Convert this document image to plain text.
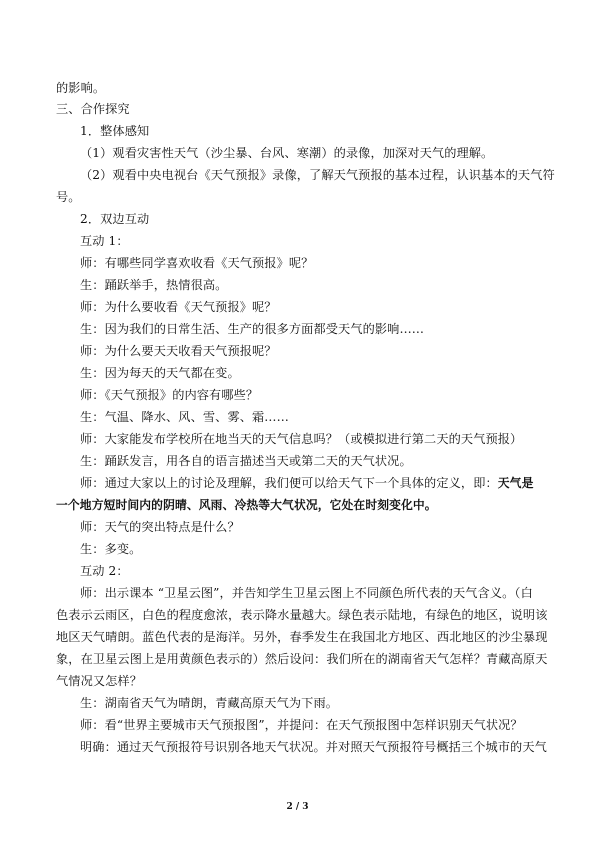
的影响。
三、合作探究
1．整体感知
（1）观看灾害性天气（沙尘暴、台风、寒潮）的录像，加深对天气的理解。
（2）观看中央电视台《天气预报》录像，了解天气预报的基本过程，认识基本的天气符
号。
2．双边互动
互动 1：
师：有哪些同学喜欢收看《天气预报》呢？
生：踊跃举手，热情很高。
师：为什么要收看《天气预报》呢？
生：因为我们的日常生活、生产的很多方面都受天气的影响……
师：为什么要天天收看天气预报呢？
生：因为每天的天气都在变。
师：《天气预报》的内容有哪些？
生：气温、降水、风、雪、雾、霜……
师：大家能发布学校所在地当天的天气信息吗？（或模拟进行第二天的天气预报）
生：踊跃发言，用各自的语言描述当天或第二天的天气状况。
师：通过大家以上的讨论及理解，我们便可以给天气下一个具体的定义，即：天气是
一个地方短时间内的阴晴、风雨、冷热等大气状况，它处在时刻变化中。
师：天气的突出特点是什么？
生：多变。
互动 2：
师：出示课本 “卫星云图”，并告知学生卫星云图上不同颜色所代表的天气含义。（白
色表示云雨区，白色的程度愈浓，表示降水量越大。绿色表示陆地，有绿色的地区，说明该
地区天气晴朗。蓝色代表的是海洋。另外，春季发生在我国北方地区、西北地区的沙尘暴现
象，在卫星云图上是用黄颜色表示的）然后设问：我们所在的湖南省天气怎样？青藏高原天
气情况又怎样？
生：湖南省天气为晴朗，青藏高原天气为下雨。
师：看“世界主要城市天气预报图”，并提问：在天气预报图中怎样识别天气状况？
明确：通过天气预报符号识别各地天气状况。并对照天气预报符号概括三个城市的天气
2 / 3
